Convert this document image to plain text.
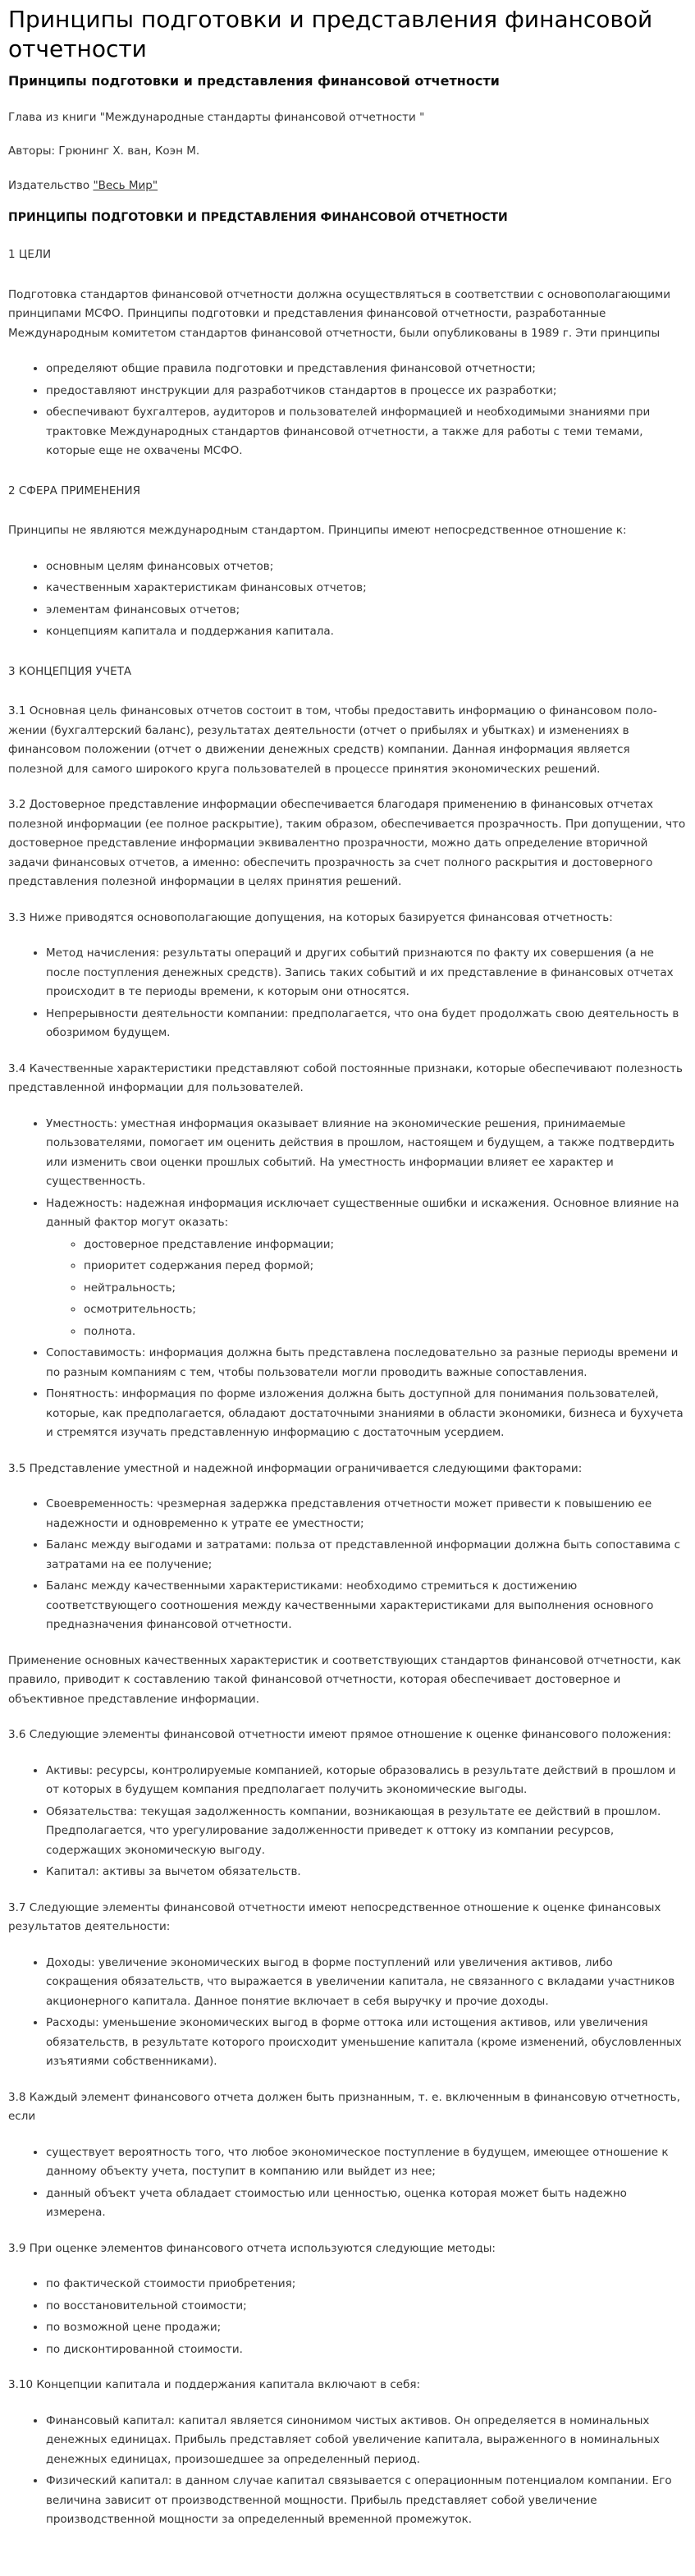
Принципы подготовки и представления финансовой отчетности
Принципы подготовки и представления финансовой отчетности

Глава из книги "Международные стандарты финансовой отчетности "

Авторы: Грюнинг Х. ван, Коэн М.

Издательство "Весь Мир"

ПРИНЦИПЫ ПОДГОТОВКИ И ПРЕДСТАВЛЕНИЯ ФИНАНСОВОЙ ОТЧЕТНОСТИ
1 ЦЕЛИ

Подготовка стандартов финансовой отчетности должна осуществляться в соответствии с основополагающими принципами МСФО. Принципы подготовки и представления финансовой отчетности, разработанные Международным комитетом стандартов финансовой отчетности, были опубликованы в 1989 г. Эти принципы

• определяют общие правила подготовки и представления финансовой отчетности;
• предоставляют инструкции для разработчиков стандартов в процессе их разработки;
• обеспечивают бухгалтеров, аудиторов и пользователей информацией и необходимыми знаниями при трактовке Международных стандартов финансовой отчетности, а также для работы с теми темами, которые еще не охвачены МСФО.
2 СФЕРА ПРИМЕНЕНИЯ

Принципы не являются международным стандартом. Принципы имеют непосредственное отношение к:

• основным целям финансовых отчетов;
• качественным характеристикам финансовых отчетов;
• элементам финансовых отчетов;
• концепциям капитала и поддержания капитала.
3 КОНЦЕПЦИЯ УЧЕТА

3.1 Основная цель финансовых отчетов состоит в том, чтобы предоставить информацию о финансовом положении (бухгалтерский баланс), результатах деятельности (отчет о прибылях и убытках) и изменениях в финансовом положении (отчет о движении денежных средств) компании. Данная информация является полезной для самого широкого круга пользователей в процессе принятия экономических решений.

3.2 Достоверное представление информации обеспечивается благодаря применению в финансовых отчетах полезной информации (ее полное раскрытие), таким образом, обеспечивается прозрачность. При допущении, что достоверное представление информации эквивалентно прозрачности, можно дать определение вторичной задачи финансовых отчетов, а именно: обеспечить прозрачность за счет полного раскрытия и достоверного представления полезной информации в целях принятия решений.

3.3 Ниже приводятся основополагающие допущения, на которых базируется финансовая отчетность:

• Метод начисления: результаты операций и других событий признаются по факту их совершения (а не после поступления денежных средств). Запись таких событий и их представление в финансовых отчетах происходит в те периоды времени, к которым они относятся.
• Непрерывности деятельности компании: предполагается, что она будет продолжать свою деятельность в обозримом будущем.

3.4 Качественные характеристики представляют собой постоянные признаки, которые обеспечивают полезность представленной информации для пользователей.

• Уместность: уместная информация оказывает влияние на экономические решения, принимаемые пользователями, помогает им оценить действия в прошлом, настоящем и будущем, а также подтвердить или изменить свои оценки прошлых событий. На уместность информации влияет ее характер и существенность.
• Надежность: надежная информация исключает существенные ошибки и искажения. Основное влияние на данный фактор могут оказать:
◦ достоверное представление информации;
◦ приоритет содержания перед формой;
◦ нейтральность;
◦ осмотрительность;
◦ полнота.
• Сопоставимость: информация должна быть представлена последовательно за разные периоды времени и по разным компаниям с тем, чтобы пользователи могли проводить важные сопоставления.
• Понятность: информация по форме изложения должна быть доступной для понимания пользователей, которые, как предполагается, обладают достаточными знаниями в области экономики, бизнеса и бухучета и стремятся изучать представленную информацию с достаточным усердием.

3.5 Представление уместной и надежной информации ограничивается следующими факторами:

• Своевременность: чрезмерная задержка представления отчетности может привести к повышению ее надежности и одновременно к утрате ее уместности;
• Баланс между выгодами и затратами: польза от представленной информации должна быть сопоставима с затратами на ее получение;
• Баланс между качественными характеристиками: необходимо стремиться к достижению соответствующего соотношения между качественными характеристиками для выполнения основного предназначения финансовой отчетности.

Применение основных качественных характеристик и соответствующих стандартов финансовой отчетности, как правило, приводит к составлению такой финансовой отчетности, которая обеспечивает достоверное и объективное представление информации.

3.6 Следующие элементы финансовой отчетности имеют прямое отношение к оценке финансового положения:

• Активы: ресурсы, контролируемые компанией, которые образовались в результате действий в прошлом и от которых в будущем компания предполагает получить экономические выгоды.
• Обязательства: текущая задолженность компании, возникающая в результате ее действий в прошлом. Предполагается, что урегулирование задолженности приведет к оттоку из компании ресурсов, содержащих экономическую выгоду.
• Капитал: активы за вычетом обязательств.

3.7 Следующие элементы финансовой отчетности имеют непосредственное отношение к оценке финансовых результатов деятельности:

• Доходы: увеличение экономических выгод в форме поступлений или увеличения активов, либо сокращения обязательств, что выражается в увеличении капитала, не связанного с вкладами участников акционерного капитала. Данное понятие включает в себя выручку и прочие доходы.
• Расходы: уменьшение экономических выгод в форме оттока или истощения активов, или увеличения обязательств, в результате которого происходит уменьшение капитала (кроме изменений, обусловленных изъятиями собственниками).

3.8 Каждый элемент финансового отчета должен быть признанным, т. е. включенным в финансовую отчетность, если

• существует вероятность того, что любое экономическое поступление в будущем, имеющее отношение к данному объекту учета, поступит в компанию или выйдет из нее;
• данный объект учета обладает стоимостью или ценностью, оценка которая может быть надежно измерена.

3.9 При оценке элементов финансового отчета используются следующие методы:

• по фактической стоимости приобретения;
• по восстановительной стоимости;
• по возможной цене продажи;
• по дисконтированной стоимости.

3.10 Концепции капитала и поддержания капитала включают в себя:

• Финансовый капитал: капитал является синонимом чистых активов. Он определяется в номинальных денежных единицах. Прибыль представляет собой увеличение капитала, выраженного в номинальных денежных единицах, произошедшее за определенный период.
• Физический капитал: в данном случае капитал связывается с операционным потенциалом компании. Его величина зависит от производственной мощности. Прибыль представляет собой увеличение производственной мощности за определенный временной промежуток.
